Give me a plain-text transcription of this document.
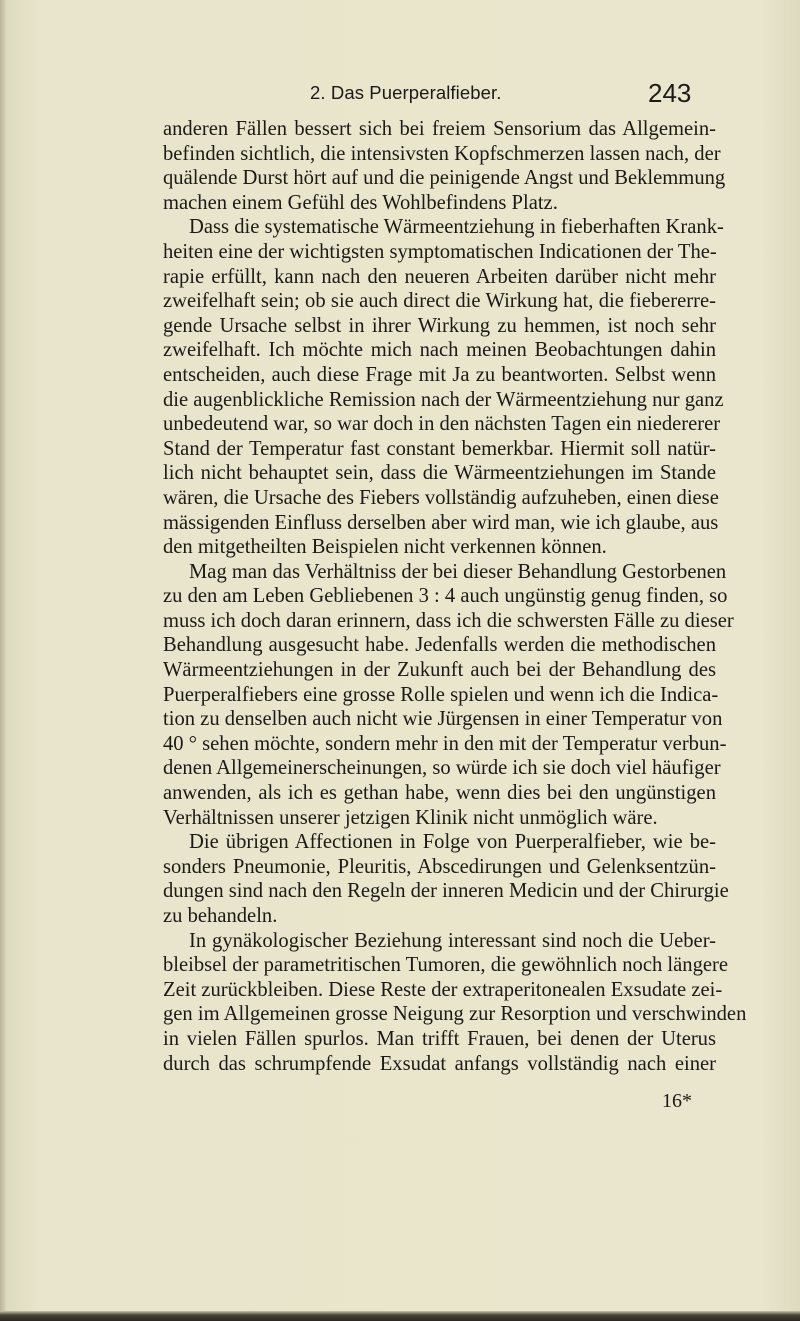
2. Das Puerperalfieber.	243
anderen Fällen bessert sich bei freiem Sensorium das Allgemein-
befinden sichtlich, die intensivsten Kopfschmerzen lassen nach, der
quälende Durst hört auf und die peinigende Angst und Beklemmung
machen einem Gefühl des Wohlbefindens Platz.
Dass die systematische Wärmeentziehung in fieberhaften Krank-
heiten eine der wichtigsten symptomatischen Indicationen der The-
rapie erfüllt, kann nach den neueren Arbeiten darüber nicht mehr
zweifelhaft sein; ob sie auch direct die Wirkung hat, die fiebererre-
gende Ursache selbst in ihrer Wirkung zu hemmen, ist noch sehr
zweifelhaft. Ich möchte mich nach meinen Beobachtungen dahin
entscheiden, auch diese Frage mit Ja zu beantworten. Selbst wenn
die augenblickliche Remission nach der Wärmeentziehung nur ganz
unbedeutend war, so war doch in den nächsten Tagen ein niedererer
Stand der Temperatur fast constant bemerkbar. Hiermit soll natür-
lich nicht behauptet sein, dass die Wärmeentziehungen im Stande
wären, die Ursache des Fiebers vollständig aufzuheben, einen diese
mässigenden Einfluss derselben aber wird man, wie ich glaube, aus
den mitgetheilten Beispielen nicht verkennen können.
Mag man das Verhältniss der bei dieser Behandlung Gestorbenen
zu den am Leben Gebliebenen 3 : 4 auch ungünstig genug finden, so
muss ich doch daran erinnern, dass ich die schwersten Fälle zu dieser
Behandlung ausgesucht habe. Jedenfalls werden die methodischen
Wärmeentziehungen in der Zukunft auch bei der Behandlung des
Puerperalfiebers eine grosse Rolle spielen und wenn ich die Indica-
tion zu denselben auch nicht wie Jürgensen in einer Temperatur von
40 ° sehen möchte, sondern mehr in den mit der Temperatur verbun-
denen Allgemeinerscheinungen, so würde ich sie doch viel häufiger
anwenden, als ich es gethan habe, wenn dies bei den ungünstigen
Verhältnissen unserer jetzigen Klinik nicht unmöglich wäre.
Die übrigen Affectionen in Folge von Puerperalfieber, wie be-
sonders Pneumonie, Pleuritis, Abscedirungen und Gelenksentzün-
dungen sind nach den Regeln der inneren Medicin und der Chirurgie
zu behandeln.
In gynäkologischer Beziehung interessant sind noch die Ueber-
bleibsel der parametritischen Tumoren, die gewöhnlich noch längere
Zeit zurückbleiben. Diese Reste der extraperitonealen Exsudate zei-
gen im Allgemeinen grosse Neigung zur Resorption und verschwinden
in vielen Fällen spurlos. Man trifft Frauen, bei denen der Uterus
durch das schrumpfende Exsudat anfangs vollständig nach einer
16*
